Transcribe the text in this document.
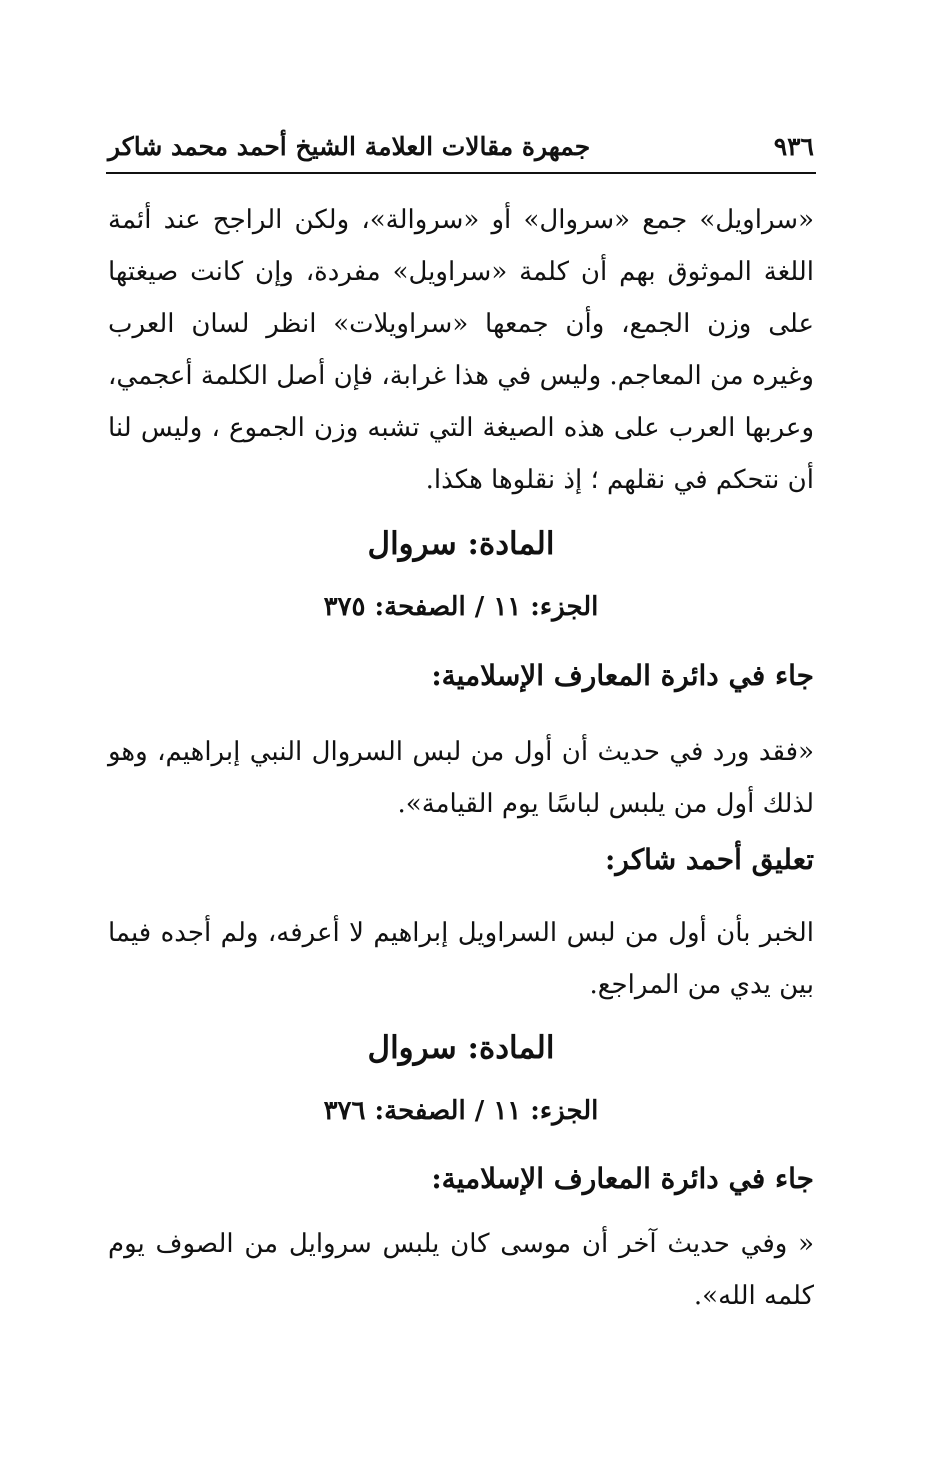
٩٣٦
جمهرة مقالات العلامة الشيخ أحمد محمد شاكر

«سراويل» جمع «سروال» أو «سروالة»، ولكن الراجح عند أئمة اللغة الموثوق بهم أن كلمة «سراويل» مفردة، وإن كانت صيغتها على وزن الجمع، وأن جمعها «سراويلات» انظر لسان العرب وغيره من المعاجم. وليس في هذا غرابة، فإن أصل الكلمة أعجمي، وعربها العرب على هذه الصيغة التي تشبه وزن الجموع ، وليس لنا أن نتحكم في نقلهم ؛ إذ نقلوها هكذا.

المادة: سروال
الجزء: ١١ / الصفحة: ٣٧٥
جاء في دائرة المعارف الإسلامية:

«فقد ورد في حديث أن أول من لبس السروال النبي إبراهيم، وهو لذلك أول من يلبس لباسًا يوم القيامة».

تعليق أحمد شاكر:

الخبر بأن أول من لبس السراويل إبراهيم لا أعرفه، ولم أجده فيما بين يدي من المراجع.

المادة: سروال
الجزء: ١١ / الصفحة: ٣٧٦
جاء في دائرة المعارف الإسلامية:

« وفي حديث آخر أن موسى كان يلبس سروايل من الصوف يوم كلمه الله».
